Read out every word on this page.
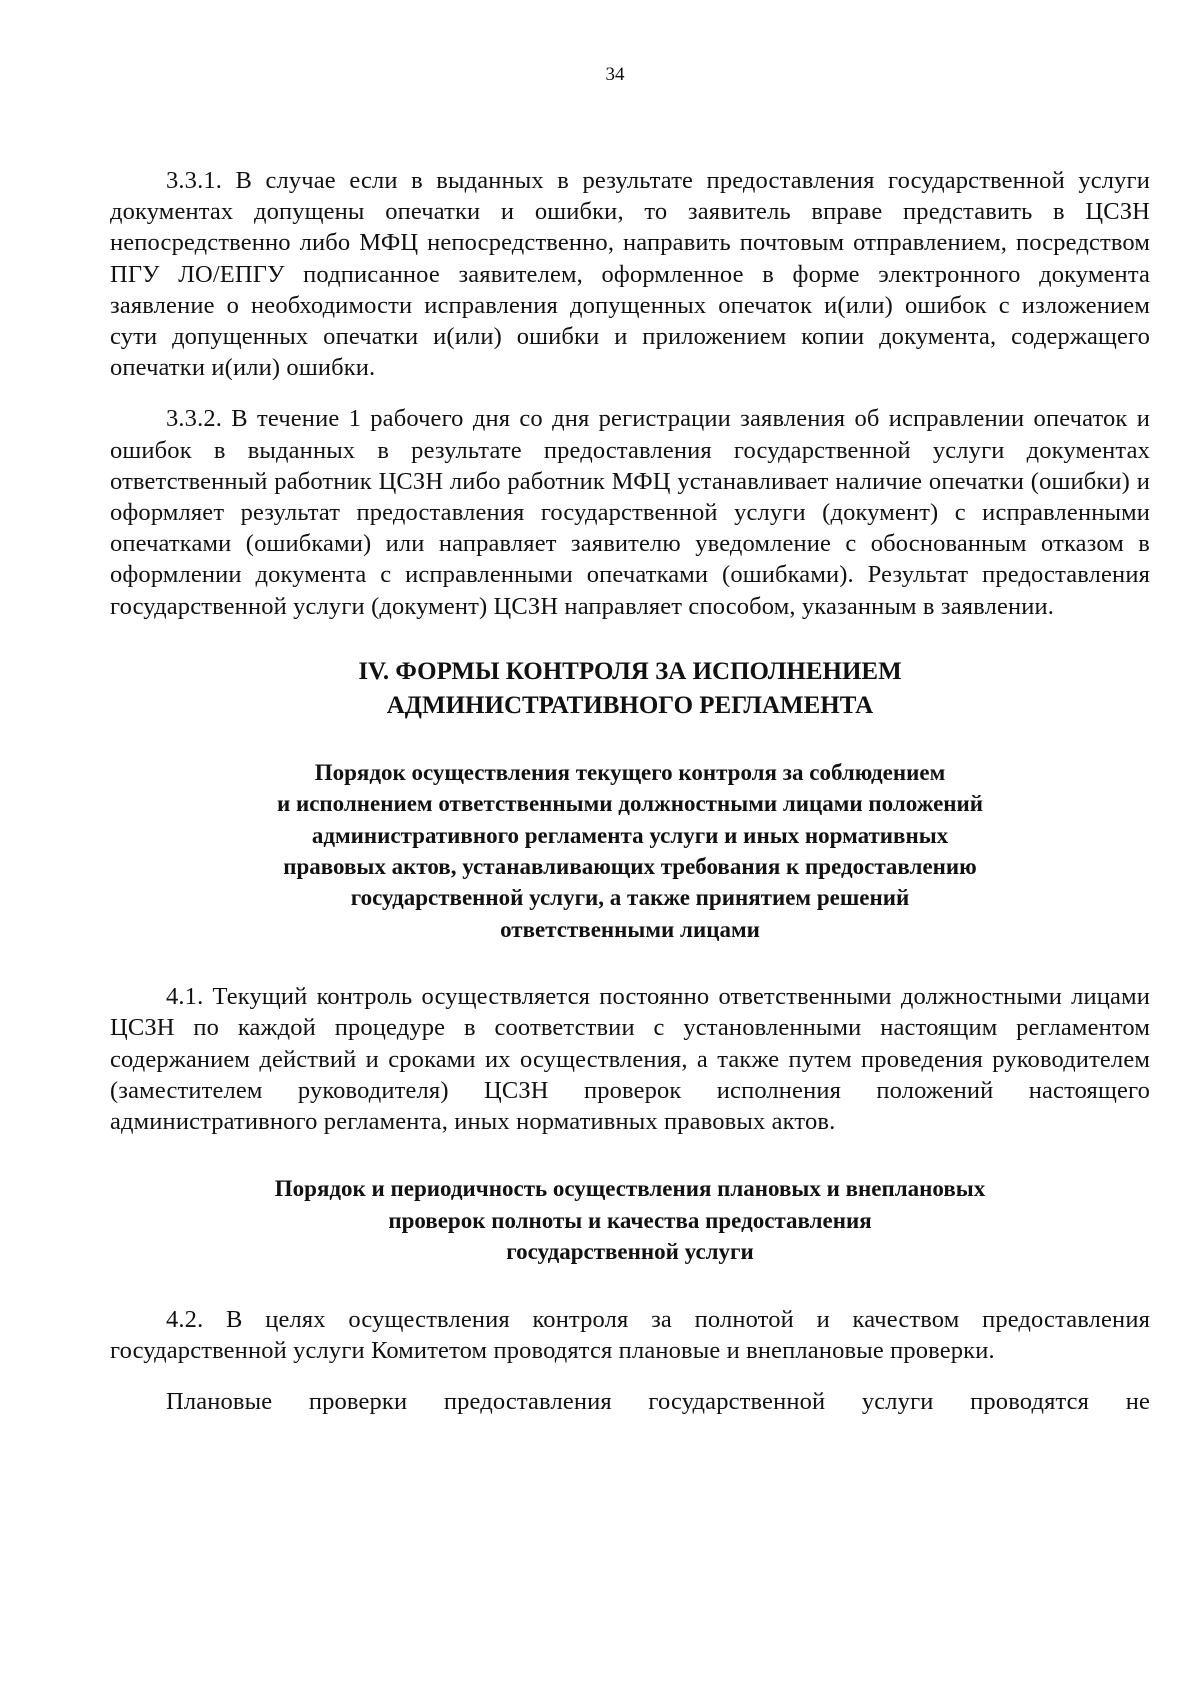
34

3.3.1. В случае если в выданных в результате предоставления государственной услуги документах допущены опечатки и ошибки, то заявитель вправе представить в ЦСЗН непосредственно либо МФЦ непосредственно, направить почтовым отправлением, посредством ПГУ ЛО/ЕПГУ подписанное заявителем, оформленное в форме электронного документа заявление о необходимости исправления допущенных опечаток и(или) ошибок с изложением сути допущенных опечатки и(или) ошибки и приложением копии документа, содержащего опечатки и(или) ошибки.

3.3.2. В течение 1 рабочего дня со дня регистрации заявления об исправлении опечаток и ошибок в выданных в результате предоставления государственной услуги документах ответственный работник ЦСЗН либо работник МФЦ устанавливает наличие опечатки (ошибки) и оформляет результат предоставления государственной услуги (документ) с исправленными опечатками (ошибками) или направляет заявителю уведомление с обоснованным отказом в оформлении документа с исправленными опечатками (ошибками). Результат предоставления государственной услуги (документ) ЦСЗН направляет способом, указанным в заявлении.

IV. ФОРМЫ КОНТРОЛЯ ЗА ИСПОЛНЕНИЕМ
АДМИНИСТРАТИВНОГО РЕГЛАМЕНТА
Порядок осуществления текущего контроля за соблюдением
и исполнением ответственными должностными лицами положений
административного регламента услуги и иных нормативных
правовых актов, устанавливающих требования к предоставлению
государственной услуги, а также принятием решений
ответственными лицами

4.1. Текущий контроль осуществляется постоянно ответственными должностными лицами ЦСЗН по каждой процедуре в соответствии с установленными настоящим регламентом содержанием действий и сроками их осуществления, а также путем проведения руководителем (заместителем руководителя) ЦСЗН проверок исполнения положений настоящего административного регламента, иных нормативных правовых актов.

Порядок и периодичность осуществления плановых и внеплановых
проверок полноты и качества предоставления
государственной услуги

4.2. В целях осуществления контроля за полнотой и качеством предоставления государственной услуги Комитетом проводятся плановые и внеплановые проверки.

Плановые проверки предоставления государственной услуги проводятся не
